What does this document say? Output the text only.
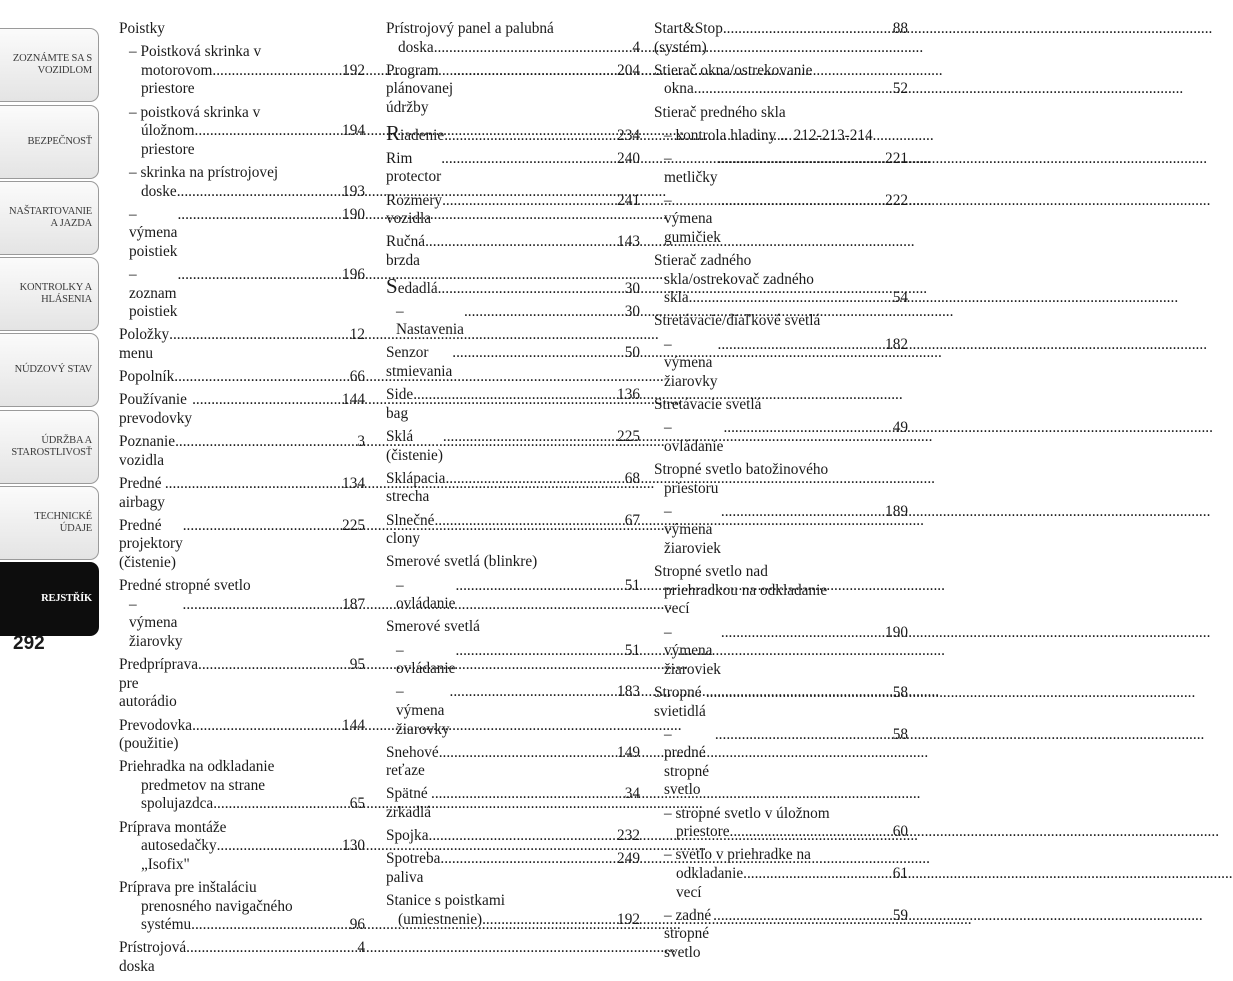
ZOZNÁMTE SA S
VOZIDLOM
BEZPEČNOSŤ
NAŠTARTOVANIE
A JAZDA
KONTROLKY A
HLÁSENIA
NÚDZOVÝ STAV
ÚDRŽBA A
STAROSTLIVOSŤ
TECHNICKÉ
ÚDAJE
REJSTŘÍK
292
Poistky
– Poistková skrinka v
motorovom priestore
.....
192
– poistková skrinka v
úložnom priestore
.....
194
– skrinka na prístrojovej
doske .....	193
– výmena poistiek
.....
190
– zoznam poistiek
.....
196
Položky menu
.....
12
Popolník .....	66
Používanie prevodovky
.....
144
Poznanie vozidla
.....
3
Predné airbagy
.....
134
Predné projektory (čistenie)
.....
225
Predné stropné svetlo
– výmena žiarovky
.....
187
Predpríprava pre autorádio
.....
95
Prevodovka (použitie)
.....
144
Priehradka na odkladanie
predmetov na strane
spolujazdca .....	65
Príprava montáže
autosedačky „Isofix"
.....
130
Príprava pre inštaláciu
prenosného navigačného
systému .....	96
Prístrojová doska
.....
4
Prístrojový panel a palubná
doska .....	4
Program plánovanej údržby
.....
204
Riadenie .....	234
Rim protector
.....
240
Rozmery vozidla
.....
241
Ručná brzda
.....
143
Sedadlá .....	30
– Nastavenia
.....
30
Senzor stmievania
.....
50
Side bag
.....
136
Sklá (čistenie)
.....
225
Sklápacia strecha
.....
68
Slnečné clony
.....
67
Smerové svetlá (blinkre)
– ovládanie
.....
51
Smerové svetlá
– ovládanie
.....
51
– výmena žiarovky
.....
183
Snehové reťaze
.....
149
Spätné zrkadlá
.....
34
Spojka .....	232
Spotreba paliva
.....
249
Stanice s poistkami
(umiestnenie) .....	192
Start&Stop (systém)
.....
88
Stierač okna/ostrekovanie
okna .....	52
Stierač predného skla
– kontrola hladiny .. 212-213-214
– metličky
.....
221
– výmena gumičiek
.....
222
Stierač zadného
skla/ostrekovač zadného
skla .....	54
Stretávacie/diaľkové svetlá
– výmena žiarovky
.....
182
Stretávacie svetlá
– ovládanie
.....
49
Stropné svetlo batožinového
priestoru
– výmena žiaroviek
.....
189
Stropné svetlo nad
priehradkou na odkladanie
vecí
– výmena žiaroviek
.....
190
Stropné svietidlá
.....
58
– predné stropné svetlo
.....
58
– stropné svetlo v úložnom
priestore .....	60
– svetlo v priehradke na
odkladanie vecí
.....
61
– zadné stropné svetlo
.....
59
